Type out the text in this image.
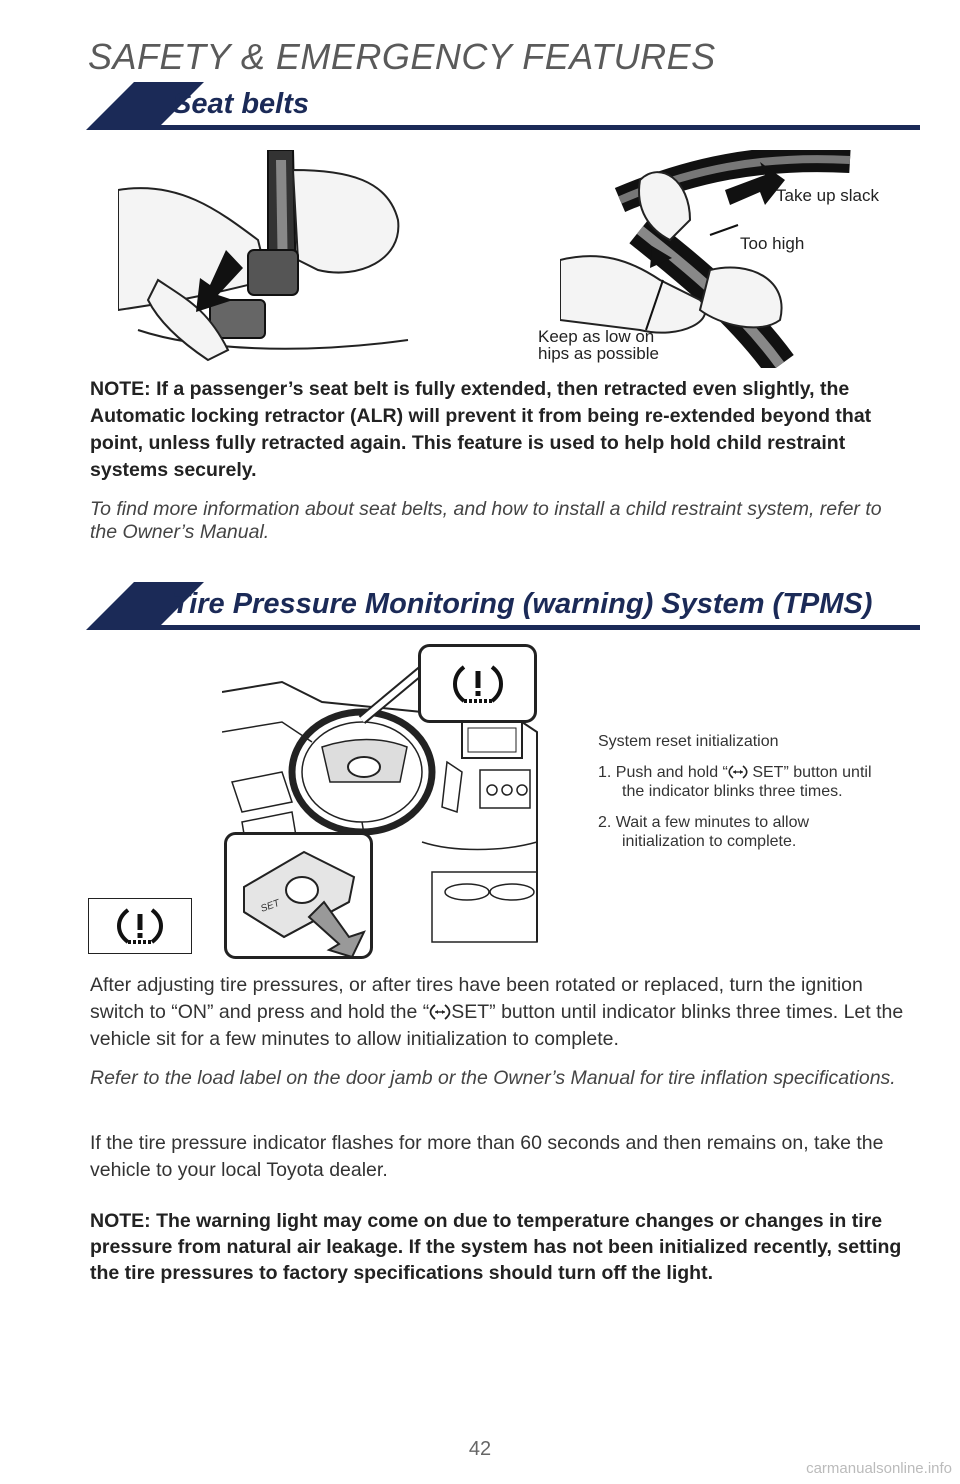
SAFETY & EMERGENCY FEATURES
Seat belts
Take up slack
Too high
Keep as low on
hips as possible

NOTE: If a passenger’s seat belt is fully extended, then retracted even slightly, the Automatic locking retractor (ALR) will prevent it from being re-extended beyond that point, unless fully retracted again. This feature is used to help hold child restraint systems securely.

To find more information about seat belts, and how to install a child restraint system, refer to the Owner’s Manual.

Tire Pressure Monitoring (warning) System (TPMS)
SET
System reset initialization
1. Push and hold “ SET” button until
the indicator blinks three times.
2. Wait a few minutes to allow
initialization to complete.

After adjusting tire pressures, or after tires have been rotated or replaced, turn the ignition switch to “ON” and press and hold the “ SET” button until indicator blinks three times. Let the vehicle sit for a few minutes to allow initialization to complete.

Refer to the load label on the door jamb or the Owner’s Manual for tire inflation specifications.

If the tire pressure indicator flashes for more than 60 seconds and then remains on, take the vehicle to your local Toyota dealer.

NOTE: The warning light may come on due to temperature changes or changes in tire pressure from natural air leakage. If the system has not been initialized recently, setting the tire pressures to factory specifications should turn off the light.

42
carmanualsonline.info
